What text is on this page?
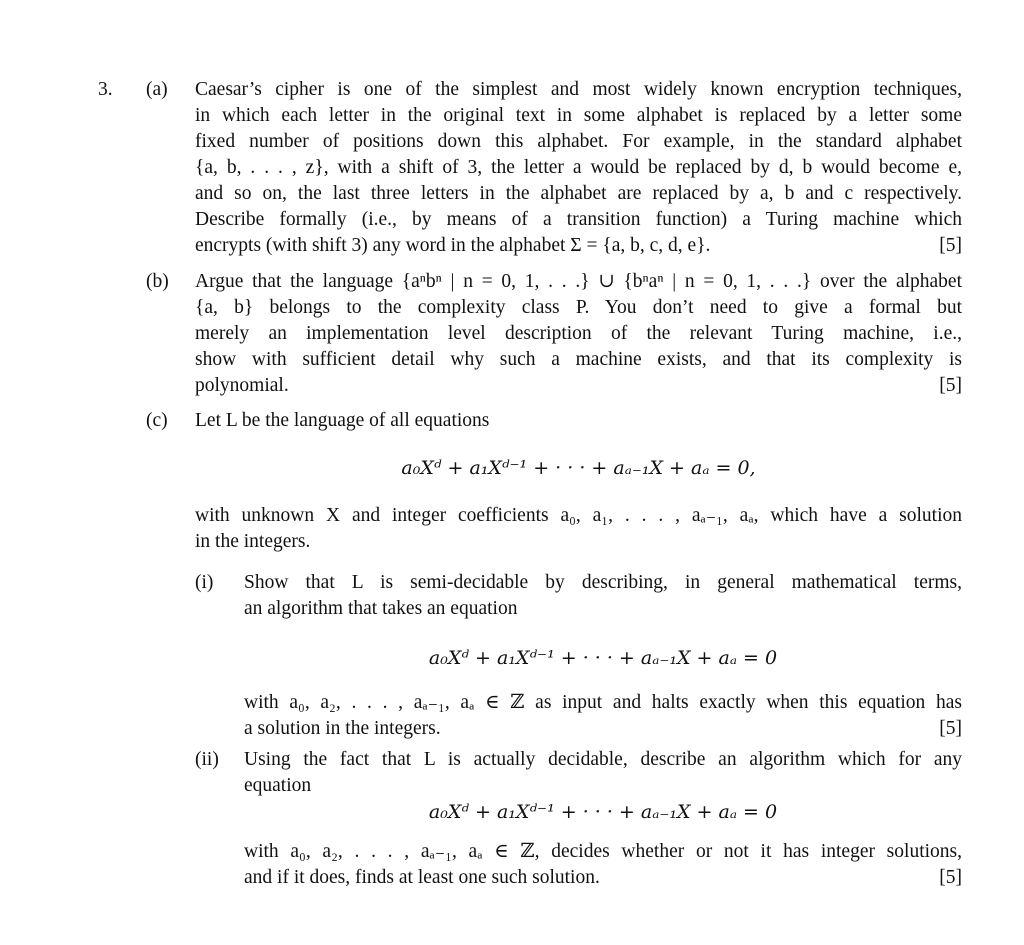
3. (a)	Caesar’s cipher is one of the simplest and most widely known encryption techniques,
in which each letter in the original text in some alphabet is replaced by a letter some
fixed number of positions down this alphabet. For example, in the standard alphabet
{a, b, . . . , z}, with a shift of 3, the letter a would be replaced by d, b would become e,
and so on, the last three letters in the alphabet are replaced by a, b and c respectively.
Describe formally (i.e., by means of a transition function) a Turing machine which
encrypts (with shift 3) any word in the alphabet Σ = {a, b, c, d, e}.	[5]
(b)	Argue that the language {aⁿbⁿ | n = 0, 1, . . .} ∪ {bⁿaⁿ | n = 0, 1, . . .} over the alphabet
{a, b} belongs to the complexity class P. You don’t need to give a formal but
merely an implementation level description of the relevant Turing machine, i.e.,
show with sufficient detail why such a machine exists, and that its complexity is
polynomial.	[5]
(c)	Let L be the language of all equations
a₀Xᵈ + a₁Xᵈ⁻¹ + · · · + aₐ₋₁X + aₐ = 0,
with unknown X and integer coefficients a₀, a₁, . . . , aₐ₋₁, aₐ, which have a solution
in the integers.
(i) Show that L is semi-decidable by describing, in general mathematical terms,
an algorithm that takes an equation
a₀Xᵈ + a₁Xᵈ⁻¹ + · · · + aₐ₋₁X + aₐ = 0
with a₀, a₂, . . . , aₐ₋₁, aₐ ∈ ℤ as input and halts exactly when this equation has
a solution in the integers.	[5]
(ii) Using the fact that L is actually decidable, describe an algorithm which for any
equation
a₀Xᵈ + a₁Xᵈ⁻¹ + · · · + aₐ₋₁X + aₐ = 0
with a₀, a₂, . . . , aₐ₋₁, aₐ ∈ ℤ, decides whether or not it has integer solutions,
and if it does, finds at least one such solution.	[5]
